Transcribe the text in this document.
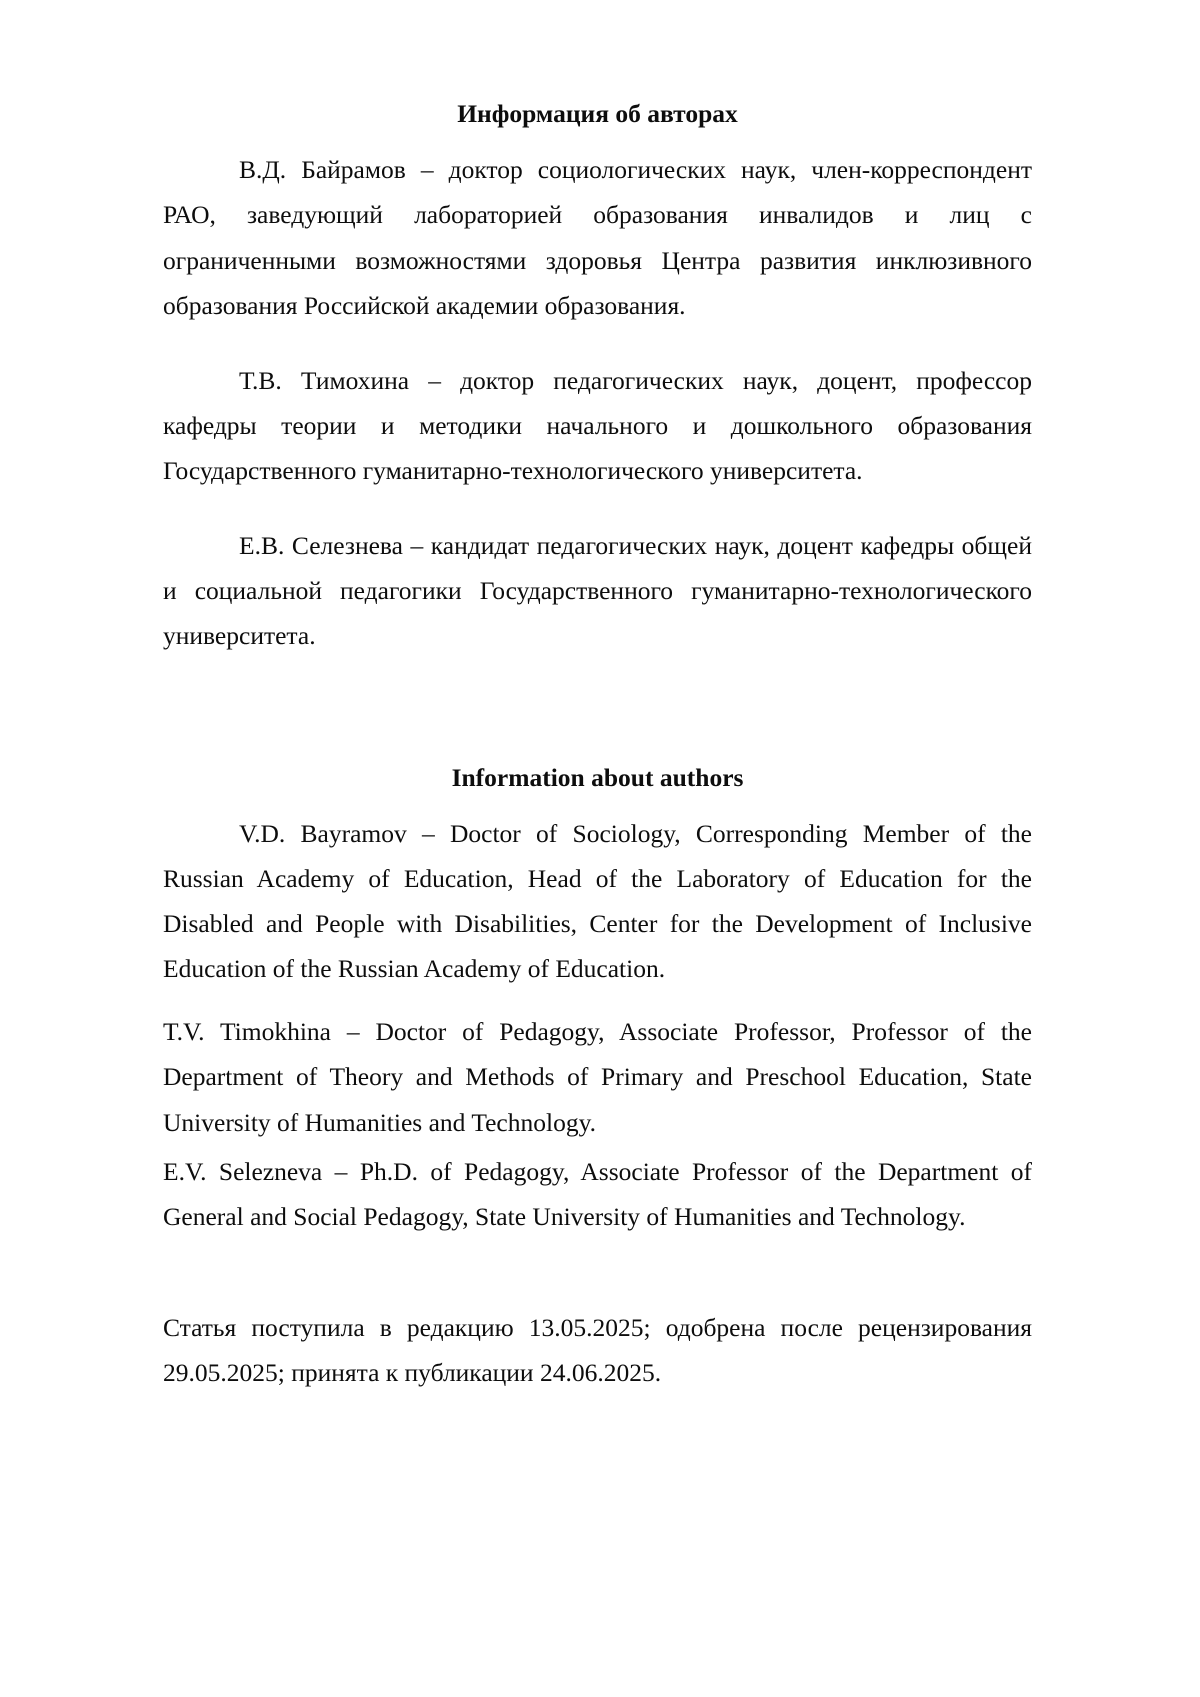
Информация об авторах

В.Д. Байрамов – доктор социологических наук, член-корреспондент РАО, заведующий лабораторией образования инвалидов и лиц с ограниченными возможностями здоровья Центра развития инклюзивного образования Российской академии образования.

Т.В. Тимохина – доктор педагогических наук, доцент, профессор кафедры теории и методики начального и дошкольного образования Государственного гуманитарно-технологического университета.

Е.В. Селезнева – кандидат педагогических наук, доцент кафедры общей и социальной педагогики Государственного гуманитарно-технологического университета.

Information about authors

V.D. Bayramov – Doctor of Sociology, Corresponding Member of the Russian Academy of Education, Head of the Laboratory of Education for the Disabled and People with Disabilities, Center for the Development of Inclusive Education of the Russian Academy of Education.

T.V. Timokhina – Doctor of Pedagogy, Associate Professor, Professor of the Department of Theory and Methods of Primary and Preschool Education, State University of Humanities and Technology.

E.V. Selezneva – Ph.D. of Pedagogy, Associate Professor of the Department of General and Social Pedagogy, State University of Humanities and Technology.

Статья поступила в редакцию 13.05.2025; одобрена после рецензирования 29.05.2025; принята к публикации 24.06.2025.
